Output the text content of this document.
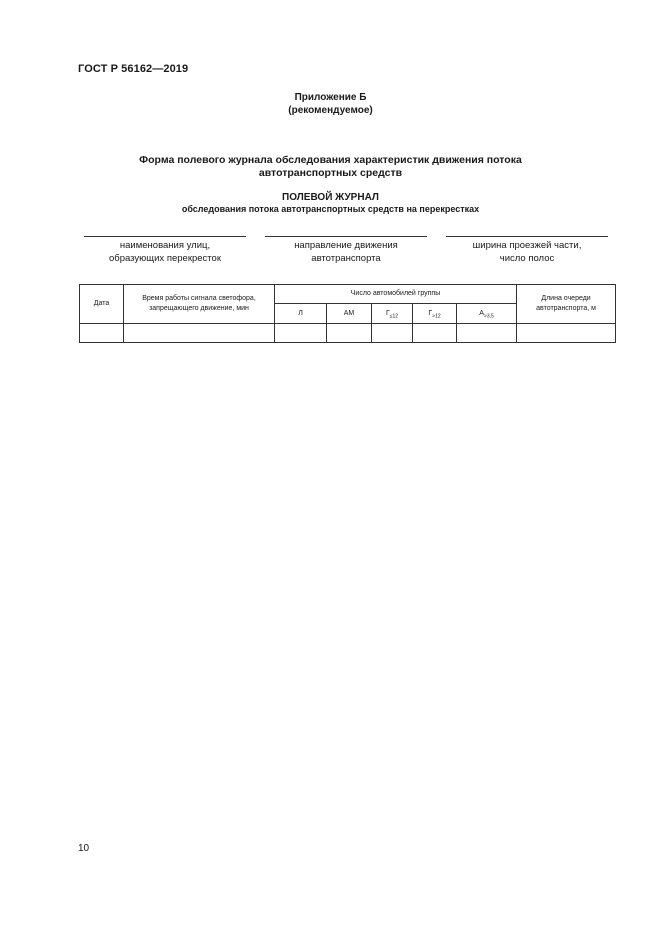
ГОСТ Р 56162—2019
Приложение Б
(рекомендуемое)
Форма полевого журнала обследования характеристик движения потока
автотранспортных средств
ПОЛЕВОЙ ЖУРНАЛ
обследования потока автотранспортных средств на перекрестках
наименования улиц,
образующих перекресток
направление движения
автотранспорта
ширина проезжей части,
число полос
Дата	Время работы сигнала светофора, запрещающего движение, мин	Число автомобилей группы					Длина очереди автотранспорта, м
		Л	АМ	$Г_{\le 12}$	$Г_{>12}$	$А_{>3,5}$

10
